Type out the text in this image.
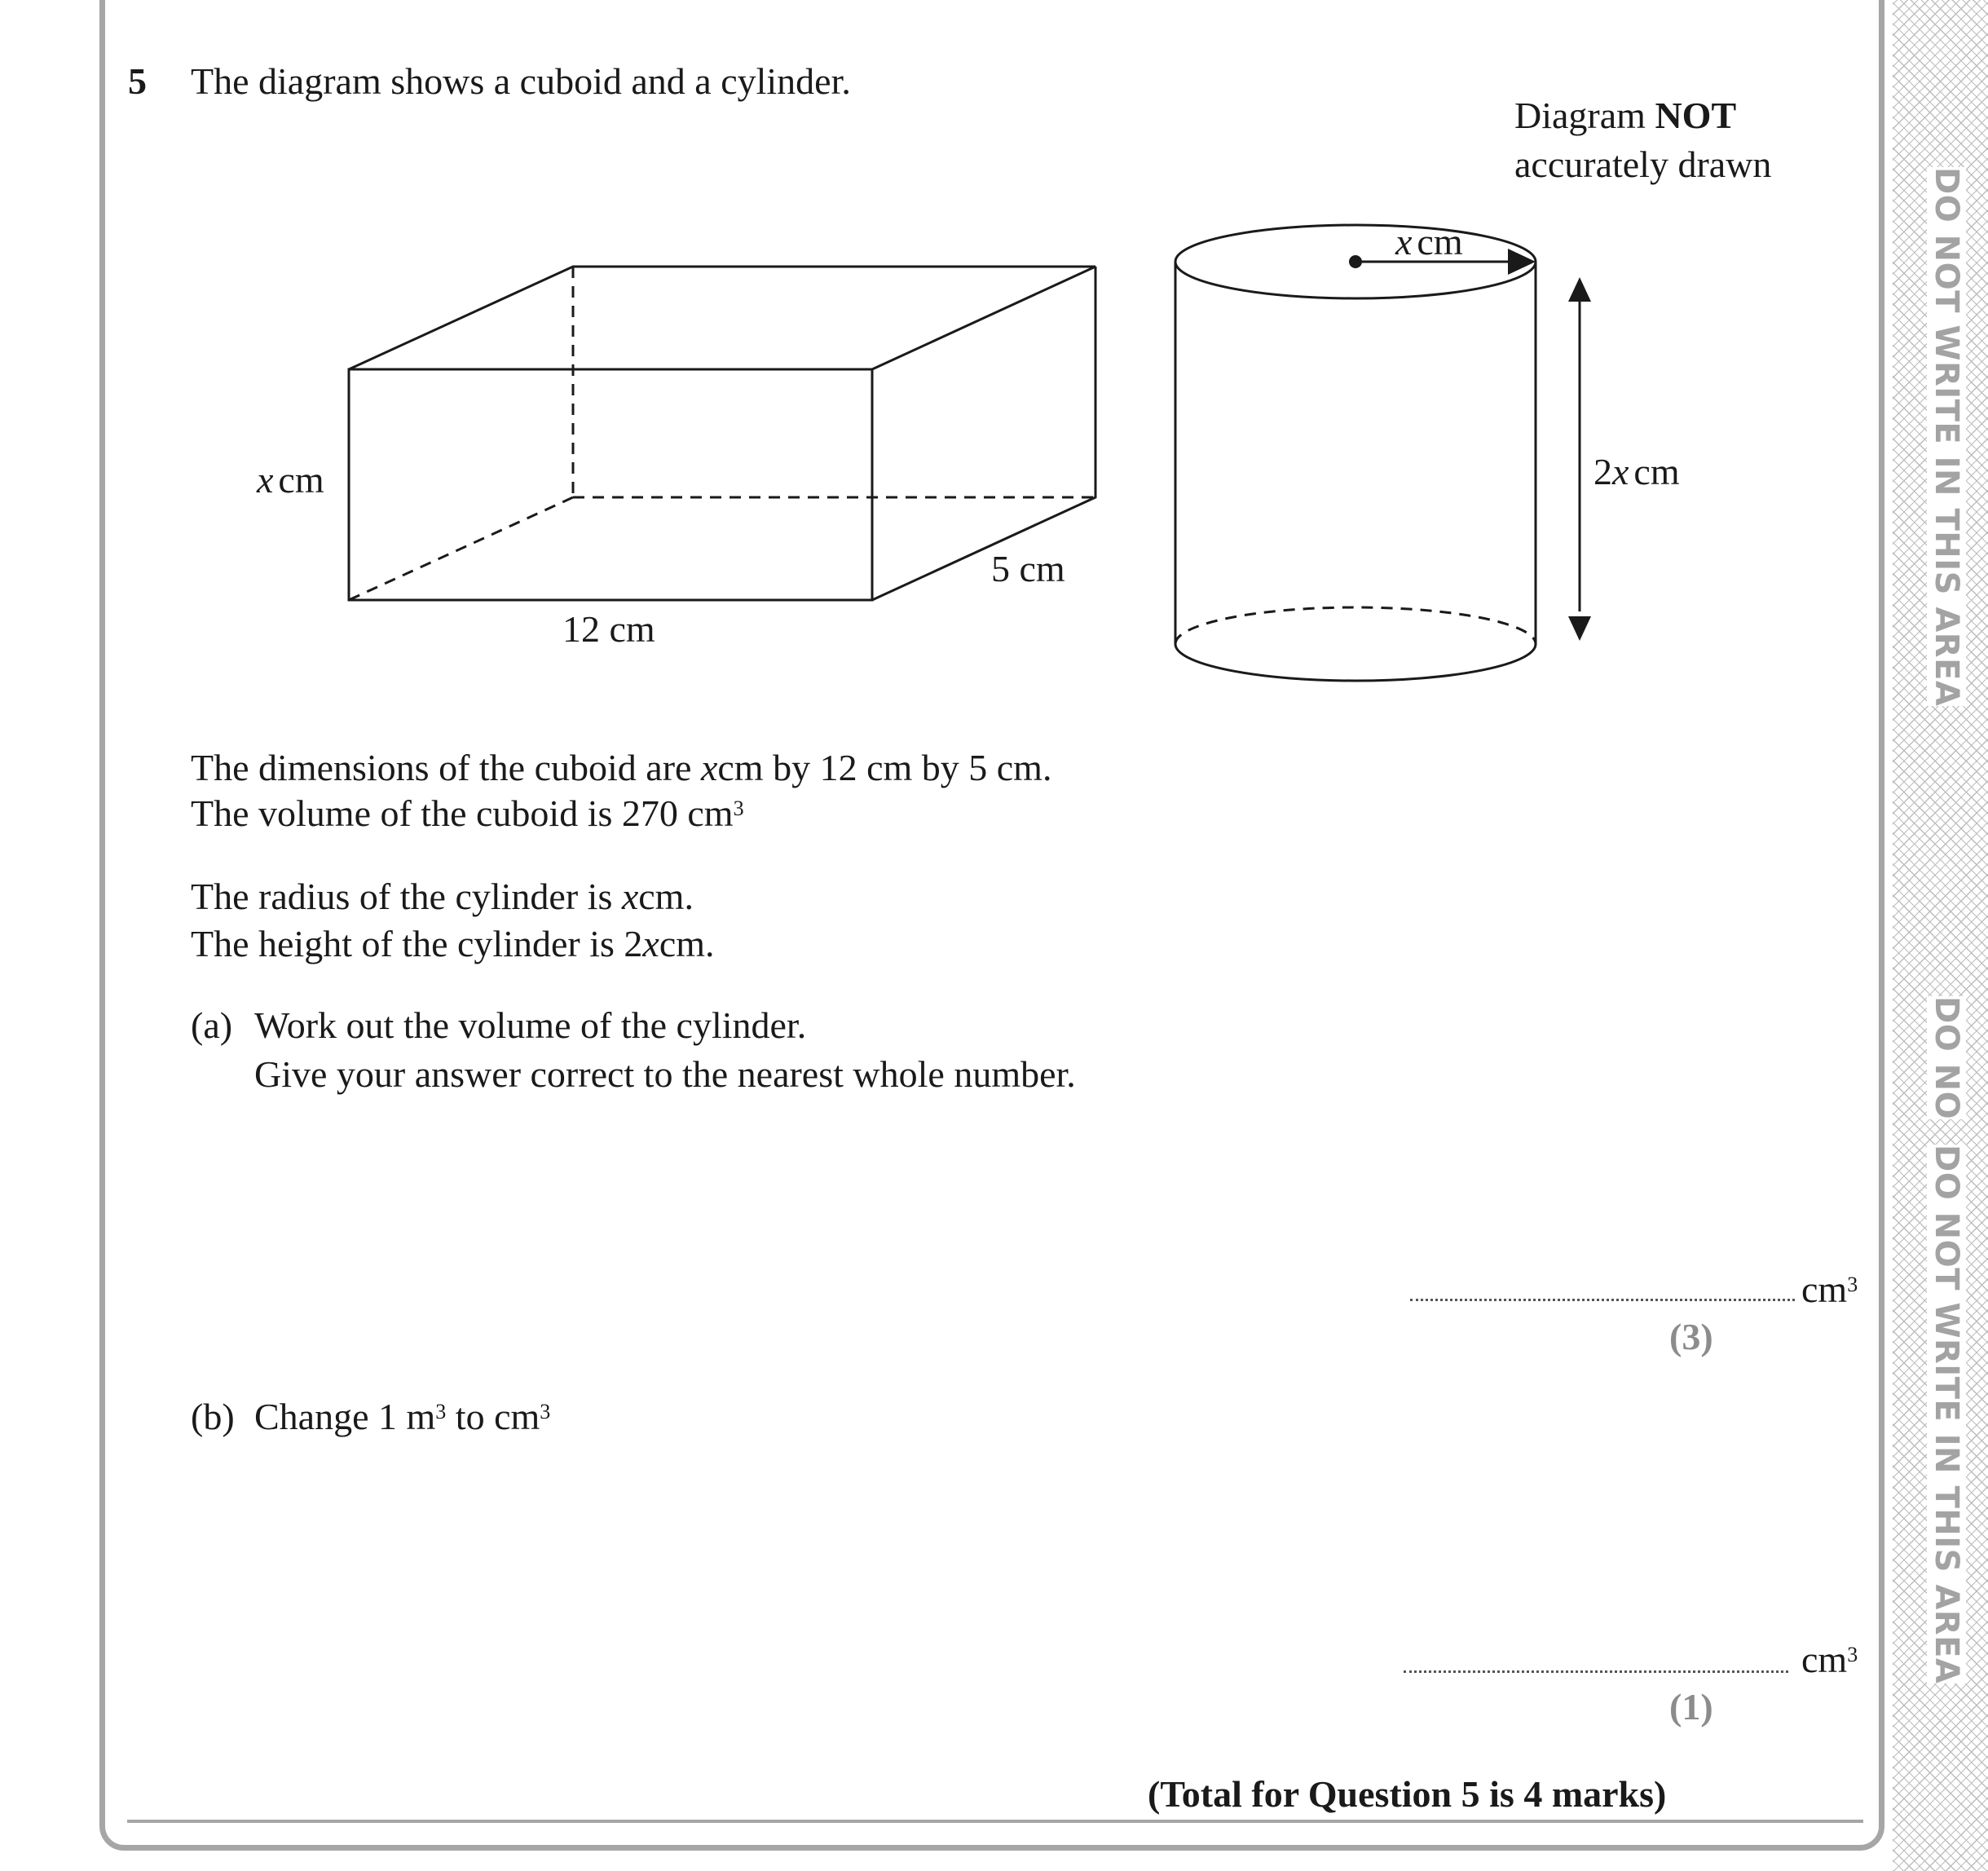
DO NOT WRITE IN THIS AREA
DO NO
DO NOT WRITE IN THIS AREA
5 The diagram shows a cuboid and a cylinder.
Diagram NOT
accurately drawn
x cm
12 cm
5 cm
x cm
2x cm
The dimensions of the cuboid are xcm by 12 cm by 5 cm.
The volume of the cuboid is 270 $cm^3$
The radius of the cylinder is xcm.
The height of the cylinder is 2xcm.
(a) Work out the volume of the cylinder.
Give your answer correct to the nearest whole number.
$cm^3$
(3)
(b) Change 1 $m^3$ to $cm^3$
$cm^3$
(1)
(Total for Question 5 is 4 marks)
